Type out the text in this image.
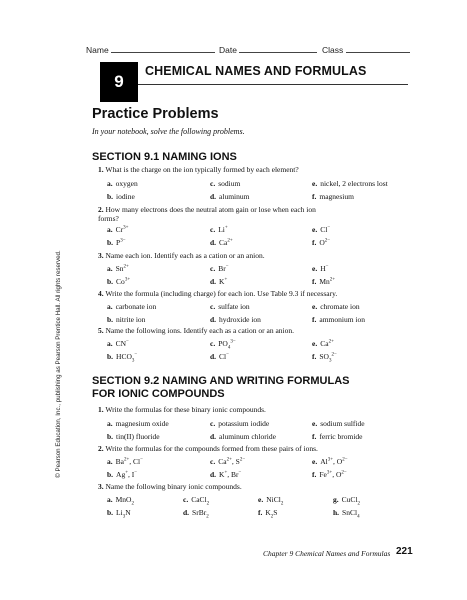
Name	Date	Class
9
CHEMICAL NAMES AND FORMULAS
Practice Problems
In your notebook, solve the following problems.
© Pearson Education, Inc., publishing as Pearson Prentice Hall. All rights reserved.
SECTION 9.1 NAMING IONS
SECTION 9.2 NAMING AND WRITING FORMULAS
FOR IONIC COMPOUNDS
Chapter 9 Chemical Names and Formulas 221
1. What is the charge on the ion typically formed by each element?
a. oxygen	c. sodium	e. nickel, 2 electrons lost
b. iodine	d. aluminum	f. magnesium
2. How many electrons does the neutral atom gain or lose when each ion forms?
a. $Cr^{3+}$	c. Li+	e. Cl−
b. $P^{3-}$	d. $Ca^{2+}$	f. $O^{2-}$
3. Name each ion. Identify each as a cation or an anion.
a. $Sn^{2+}$	c. Br−	e. H−
b. $Co^{3+}$	d. K+	f. $Mn^{2+}$
4. Write the formula (including charge) for each ion. Use Table 9.3 if necessary.
a. carbonate ion	c. sulfate ion	e. chromate ion
b. nitrite ion	d. hydroxide ion	f. ammonium ion
5. Name the following ions. Identify each as a cation or an anion.
a. CN−	c. $PO_4^{3-}$	e. $Ca^{2+}$
b. $HCO_3^-$	d. Cl−	f. $SO_3^{2-}$
1. Write the formulas for these binary ionic compounds.
a. magnesium oxide	c. potassium iodide	e. sodium sulfide
b. tin(II) fluoride	d. aluminum chloride	f. ferric bromide
2. Write the formulas for the compounds formed from these pairs of ions.
a. $Ba^{2+}$, Cl−	c. $Ca^{2+}$, $S^{2-}$	e. $Al^{3+}$, $O^{2-}$
b. Ag+, I−	d. K+, Br−	f. $Fe^{3+}$, $O^{2-}$
3. Name the following binary ionic compounds.
a. MnO$_2$	c. CaCl$_2$	e. NiCl$_2$	g. CuCl$_2$
b. $Li_3N$	d. SrBr$_2$	f. $K_2S$	h. SnCl$_4$
